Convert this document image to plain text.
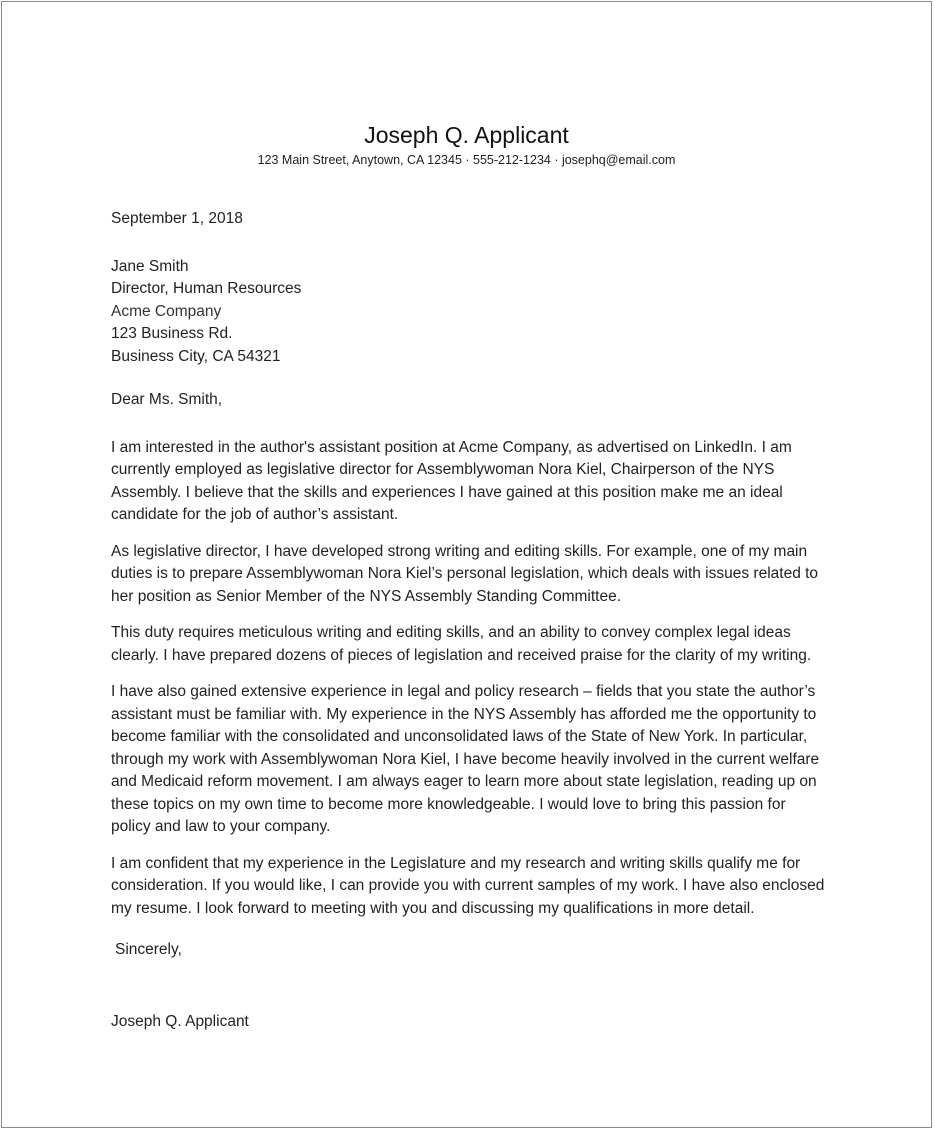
Joseph Q. Applicant
123 Main Street, Anytown, CA 12345 · 555-212-1234 · josephq@email.com
September 1, 2018
Jane Smith
Director, Human Resources
Acme Company
123 Business Rd.
Business City, CA 54321
Dear Ms. Smith,

I am interested in the author's assistant position at Acme Company, as advertised on LinkedIn. I am currently employed as legislative director for Assemblywoman Nora Kiel, Chairperson of the NYS Assembly. I believe that the skills and experiences I have gained at this position make me an ideal candidate for the job of author’s assistant.

As legislative director, I have developed strong writing and editing skills. For example, one of my main duties is to prepare Assemblywoman Nora Kiel’s personal legislation, which deals with issues related to her position as Senior Member of the NYS Assembly Standing Committee.

This duty requires meticulous writing and editing skills, and an ability to convey complex legal ideas clearly. I have prepared dozens of pieces of legislation and received praise for the clarity of my writing.

I have also gained extensive experience in legal and policy research – fields that you state the author’s assistant must be familiar with. My experience in the NYS Assembly has afforded me the opportunity to become familiar with the consolidated and unconsolidated laws of the State of New York. In particular, through my work with Assemblywoman Nora Kiel, I have become heavily involved in the current welfare and Medicaid reform movement. I am always eager to learn more about state legislation, reading up on these topics on my own time to become more knowledgeable. I would love to bring this passion for policy and law to your company.

I am confident that my experience in the Legislature and my research and writing skills qualify me for consideration. If you would like, I can provide you with current samples of my work. I have also enclosed my resume. I look forward to meeting with you and discussing my qualifications in more detail.

Sincerely,
Joseph Q. Applicant
